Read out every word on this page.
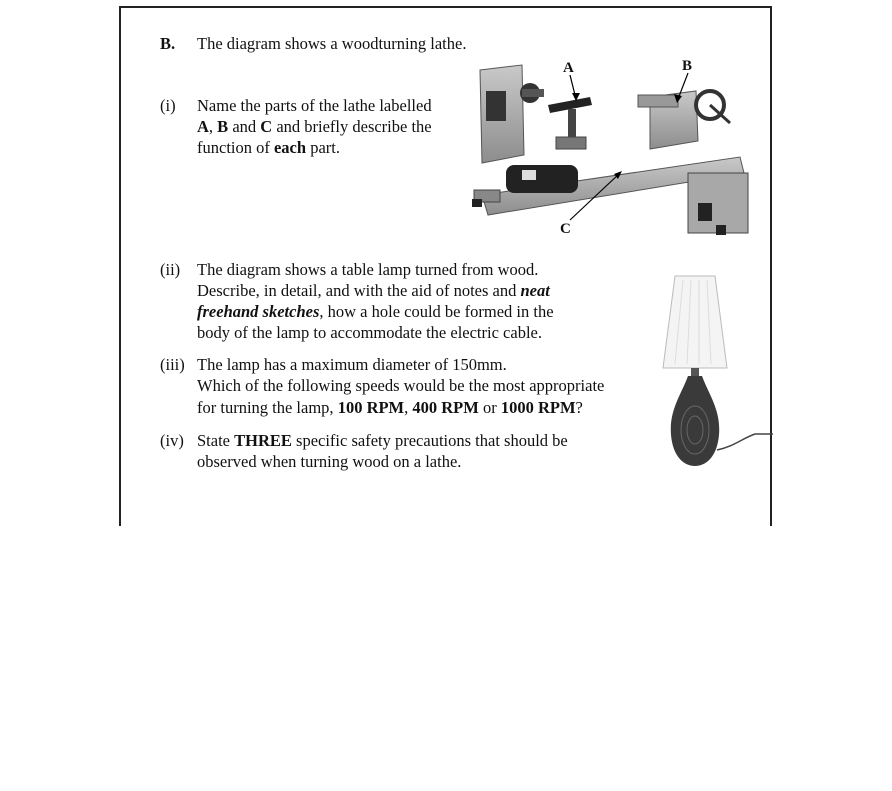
B. The diagram shows a woodturning lathe.
(i) Name the parts of the lathe labelled
A, B and C and briefly describe the
function of each part.
(ii) The diagram shows a table lamp turned from wood.
Describe, in detail, and with the aid of notes and neat
freehand sketches, how a hole could be formed in the
body of the lamp to accommodate the electric cable.
(iii) The lamp has a maximum diameter of 150mm.
Which of the following speeds would be the most appropriate
for turning the lamp, 100 RPM, 400 RPM or 1000 RPM?
(iv) State THREE specific safety precautions that should be
observed when turning wood on a lathe.
A	B
C
